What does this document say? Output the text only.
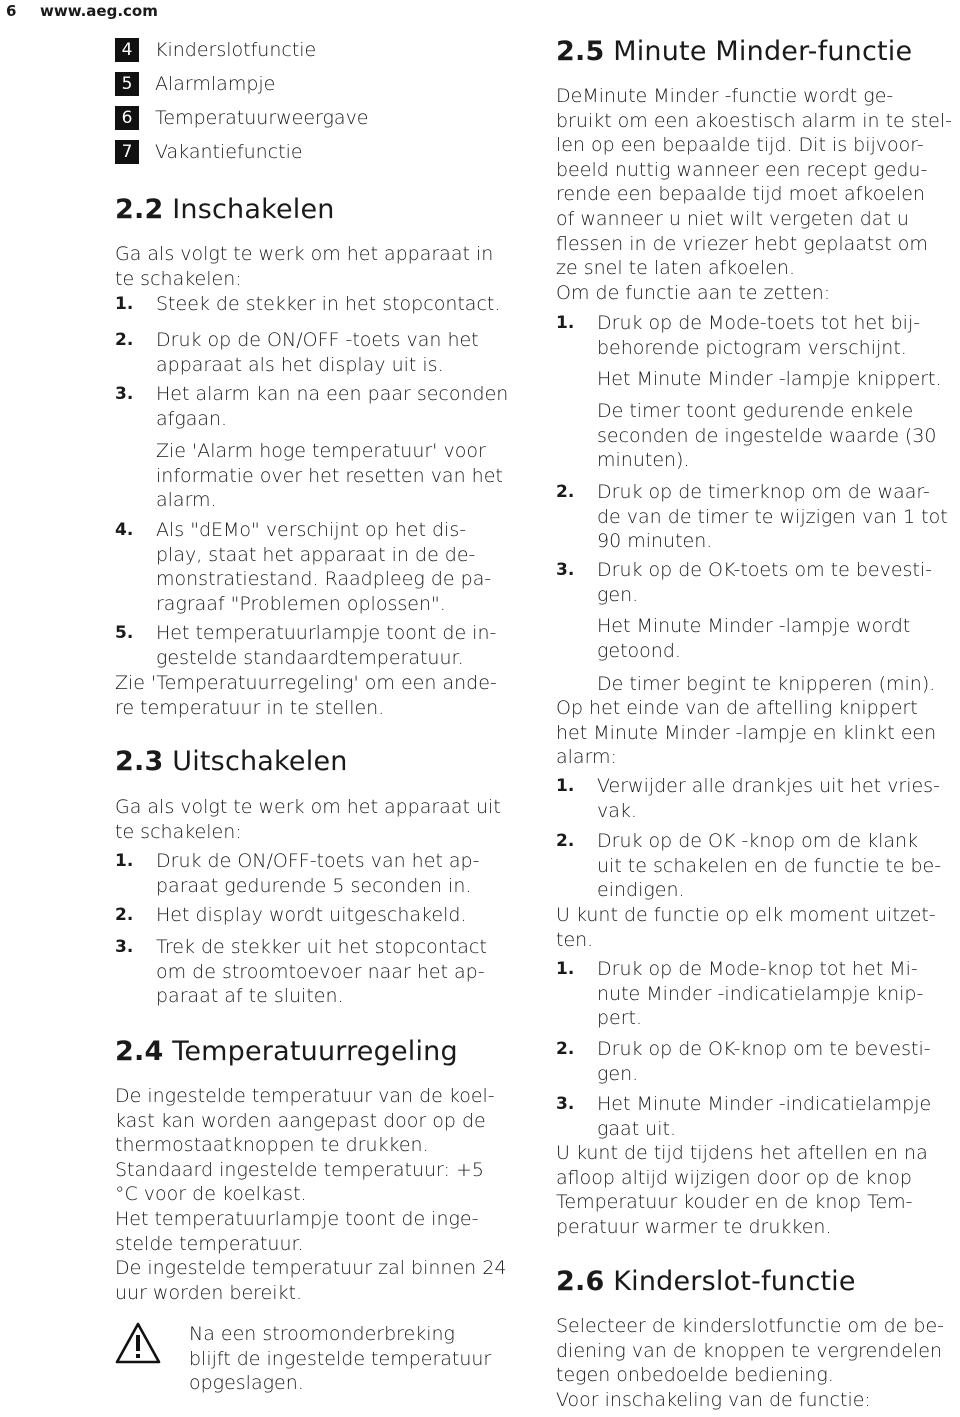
6 www.aeg.com
4	Kinderslotfunctie
5	Alarmlampje
6	Temperatuurweergave
7	Vakantiefunctie
2.2 Inschakelen
Ga als volgt te werk om het apparaat in
te schakelen:
1. Steek de stekker in het stopcontact.
2. Druk op de ON/OFF -toets van het
apparaat als het display uit is.
3. Het alarm kan na een paar seconden
afgaan.
Zie 'Alarm hoge temperatuur' voor
informatie over het resetten van het
alarm.
4. Als "dEMo" verschijnt op het dis-
play, staat het apparaat in de de-
monstratiestand. Raadpleeg de pa-
ragraaf "Problemen oplossen".
5. Het temperatuurlampje toont de in-
gestelde standaardtemperatuur.
Zie 'Temperatuurregeling' om een ande-
re temperatuur in te stellen.
2.3 Uitschakelen
Ga als volgt te werk om het apparaat uit
te schakelen:
1. Druk de ON/OFF-toets van het ap-
paraat gedurende 5 seconden in.
2. Het display wordt uitgeschakeld.
3. Trek de stekker uit het stopcontact
om de stroomtoevoer naar het ap-
paraat af te sluiten.
2.4 Temperatuurregeling
De ingestelde temperatuur van de koel-
kast kan worden aangepast door op de
thermostaatknoppen te drukken.
Standaard ingestelde temperatuur: +5
°C voor de koelkast.
Het temperatuurlampje toont de inge-
stelde temperatuur.
De ingestelde temperatuur zal binnen 24
uur worden bereikt.
Na een stroomonderbreking
blijft de ingestelde temperatuur
opgeslagen.
2.5 Minute Minder-functie
DeMinute Minder -functie wordt ge-
bruikt om een akoestisch alarm in te stel-
len op een bepaalde tijd. Dit is bijvoor-
beeld nuttig wanneer een recept gedu-
rende een bepaalde tijd moet afkoelen
of wanneer u niet wilt vergeten dat u
flessen in de vriezer hebt geplaatst om
ze snel te laten afkoelen.
Om de functie aan te zetten:
1. Druk op de Mode-toets tot het bij-
behorende pictogram verschijnt.
Het Minute Minder -lampje knippert.
De timer toont gedurende enkele
seconden de ingestelde waarde (30
minuten).
2. Druk op de timerknop om de waar-
de van de timer te wijzigen van 1 tot
90 minuten.
3. Druk op de OK-toets om te bevesti-
gen.
Het Minute Minder -lampje wordt
getoond.
De timer begint te knipperen (min).
Op het einde van de aftelling knippert
het Minute Minder -lampje en klinkt een
alarm:
1. Verwijder alle drankjes uit het vries-
vak.
2. Druk op de OK -knop om de klank
uit te schakelen en de functie te be-
eindigen.
U kunt de functie op elk moment uitzet-
ten.
1. Druk op de Mode-knop tot het Mi-
nute Minder -indicatielampje knip-
pert.
2. Druk op de OK-knop om te bevesti-
gen.
3. Het Minute Minder -indicatielampje
gaat uit.
U kunt de tijd tijdens het aftellen en na
afloop altijd wijzigen door op de knop
Temperatuur kouder en de knop Tem-
peratuur warmer te drukken.
2.6 Kinderslot-functie
Selecteer de kinderslotfunctie om de be-
diening van de knoppen te vergrendelen
tegen onbedoelde bediening.
Voor inschakeling van de functie:
